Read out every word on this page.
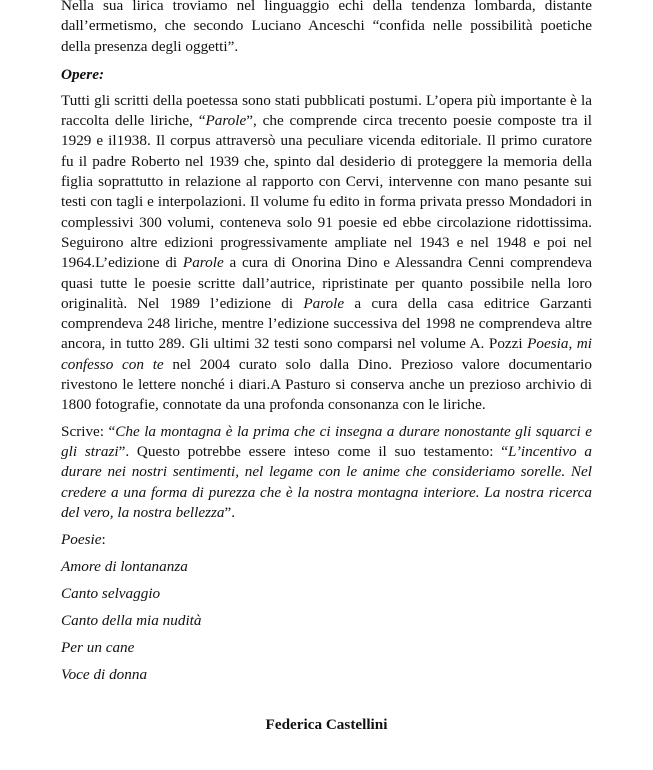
Nella sua lirica troviamo nel linguaggio echi della tendenza lombarda, distante dall’ermetismo, che secondo Luciano Anceschi “confida nelle possibilità poetiche della presenza degli oggetti”.

Opere:

Tutti gli scritti della poetessa sono stati pubblicati postumi. L’opera più importante è la raccolta delle liriche, “Parole”, che comprende circa trecento poesie composte tra il 1929 e il1938. Il corpus attraversò una peculiare vicenda editoriale. Il primo curatore fu il padre Roberto nel 1939 che, spinto dal desiderio di proteggere la memoria della figlia soprattutto in relazione al rapporto con Cervi, intervenne con mano pesante sui testi con tagli e interpolazioni. Il volume fu edito in forma privata presso Mondadori in complessivi 300 volumi, conteneva solo 91 poesie ed ebbe circolazione ridottissima. Seguirono altre edizioni progressivamente ampliate nel 1943 e nel 1948 e poi nel 1964.L’edizione di Parole a cura di Onorina Dino e Alessandra Cenni comprendeva quasi tutte le poesie scritte dall’autrice, ripristinate per quanto possibile nella loro originalità. Nel 1989 l’edizione di Parole a cura della casa editrice Garzanti comprendeva 248 liriche, mentre l’edizione successiva del 1998 ne comprendeva altre ancora, in tutto 289. Gli ultimi 32 testi sono comparsi nel volume A. Pozzi Poesia, mi confesso con te nel 2004 curato solo dalla Dino. Prezioso valore documentario rivestono le lettere nonché i diari.A Pasturo si conserva anche un prezioso archivio di 1800 fotografie, connotate da una profonda consonanza con le liriche.

Scrive: “Che la montagna è la prima che ci insegna a durare nonostante gli squarci e gli strazi”. Questo potrebbe essere inteso come il suo testamento: “L’incentivo a durare nei nostri sentimenti, nel legame con le anime che consideriamo sorelle. Nel credere a una forma di purezza che è la nostra montagna interiore. La nostra ricerca del vero, la nostra bellezza”.

Poesie:

Amore di lontananza
Canto selvaggio
Canto della mia nudità
Per un cane
Voce di donna

Federica Castellini
